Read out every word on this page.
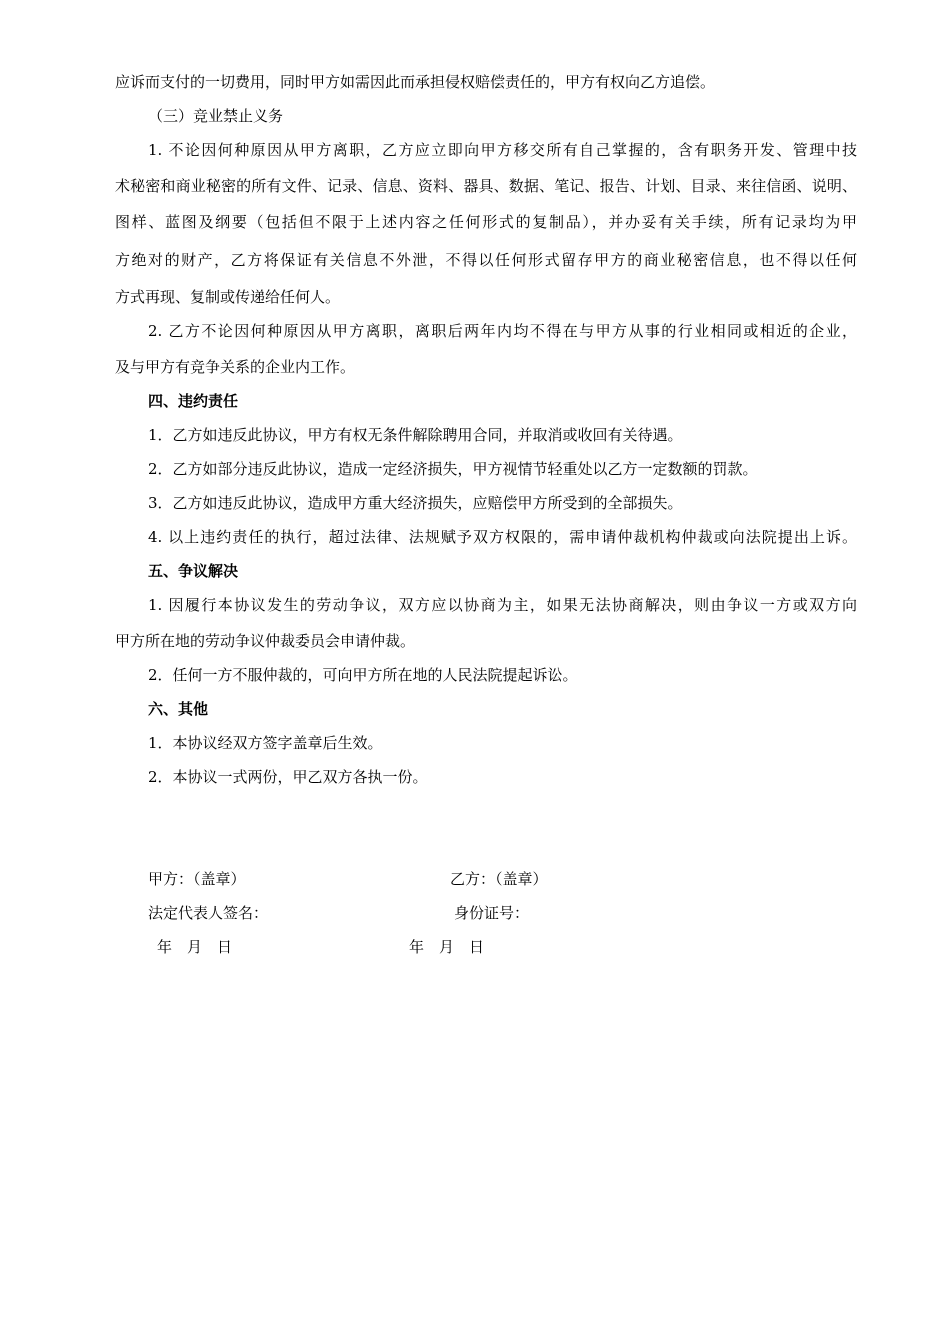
应诉而支付的一切费用，同时甲方如需因此而承担侵权赔偿责任的，甲方有权向乙方追偿。
（三）竞业禁止义务
1. 不论因何种原因从甲方离职，乙方应立即向甲方移交所有自己掌握的，含有职务开发、管理中技
术秘密和商业秘密的所有文件、记录、信息、资料、器具、数据、笔记、报告、计划、目录、来往信函、说明、
图样、蓝图及纲要（包括但不限于上述内容之任何形式的复制品），并办妥有关手续，所有记录均为甲
方绝对的财产，乙方将保证有关信息不外泄，不得以任何形式留存甲方的商业秘密信息，也不得以任何
方式再现、复制或传递给任何人。
2. 乙方不论因何种原因从甲方离职，离职后两年内均不得在与甲方从事的行业相同或相近的企业，
及与甲方有竞争关系的企业内工作。
四、违约责任
1．乙方如违反此协议，甲方有权无条件解除聘用合同，并取消或收回有关待遇。
2．乙方如部分违反此协议，造成一定经济损失，甲方视情节轻重处以乙方一定数额的罚款。
3．乙方如违反此协议，造成甲方重大经济损失，应赔偿甲方所受到的全部损失。
4. 以上违约责任的执行，超过法律、法规赋予双方权限的，需申请仲裁机构仲裁或向法院提出上诉。
五、争议解决
1. 因履行本协议发生的劳动争议，双方应以协商为主，如果无法协商解决，则由争议一方或双方向
甲方所在地的劳动争议仲裁委员会申请仲裁。
2．任何一方不服仲裁的，可向甲方所在地的人民法院提起诉讼。
六、其他
1．本协议经双方签字盖章后生效。
2．本协议一式两份，甲乙双方各执一份。
甲方：（盖章）	乙方：（盖章）
法定代表人签名：	身份证号：
年　月　日	年　月　日
